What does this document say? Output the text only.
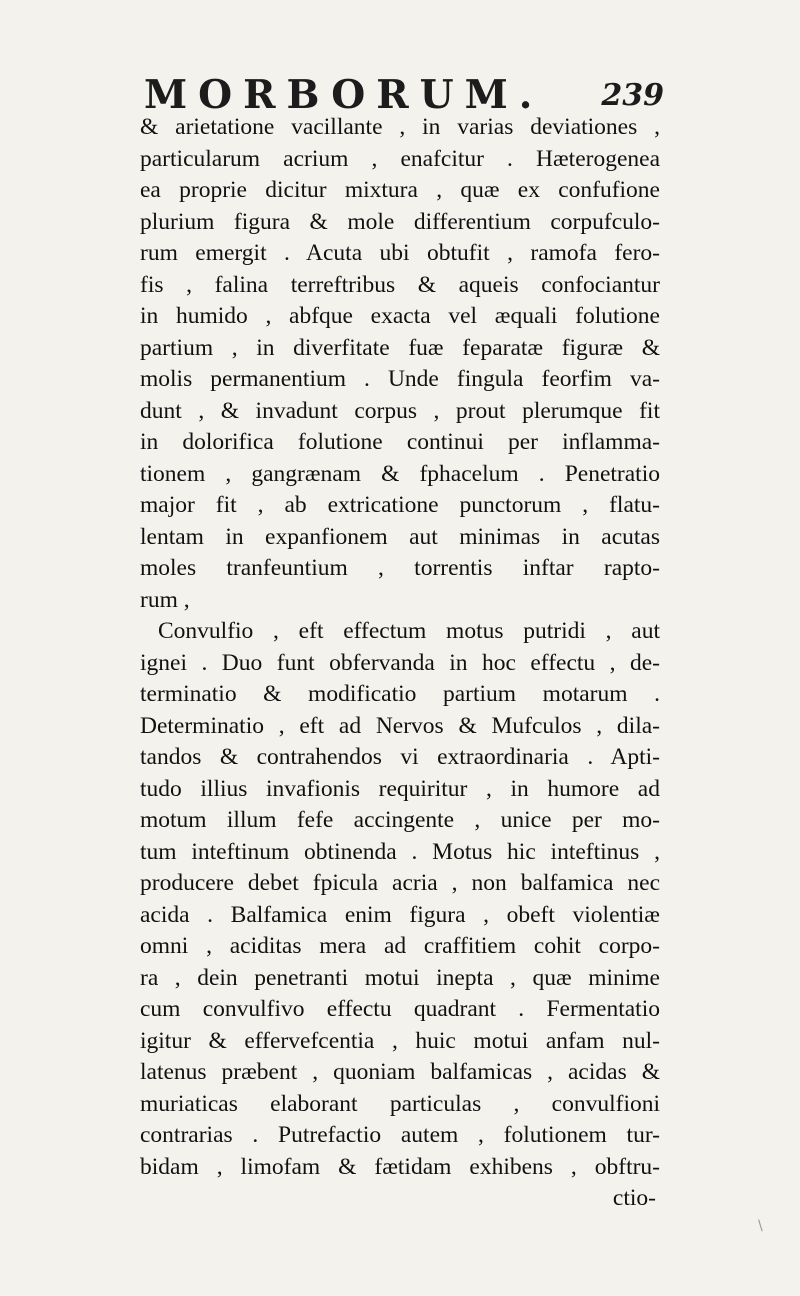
MORBORUM. 239
& arietatione vacillante , in varias deviationes ,
particularum acrium , enafcitur . Hæterogenea
ea proprie dicitur mixtura , quæ ex confufione
plurium figura & mole differentium corpufculo-
rum emergit . Acuta ubi obtufit , ramofa fero-
fis , falina terreftribus & aqueis confociantur
in humido , abfque exacta vel æquali folutione
partium , in diverfitate fuæ feparatæ figuræ &
molis permanentium . Unde fingula feorfim va-
dunt , & invadunt corpus , prout plerumque fit
in dolorifica folutione continui per inflamma-
tionem , gangrænam & fphacelum . Penetratio
major fit , ab extricatione punctorum , flatu-
lentam in expanfionem aut minimas in acutas
moles tranfeuntium , torrentis inftar rapto-
rum ,
Convulfio , eft effectum motus putridi , aut
ignei . Duo funt obfervanda in hoc effectu , de-
terminatio & modificatio partium motarum .
Determinatio , eft ad Nervos & Mufculos , dila-
tandos & contrahendos vi extraordinaria . Apti-
tudo illius invafionis requiritur , in humore ad
motum illum fefe accingente , unice per mo-
tum inteftinum obtinenda . Motus hic inteftinus ,
producere debet fpicula acria , non balfamica nec
acida . Balfamica enim figura , obeft violentiæ
omni , aciditas mera ad craffitiem cohit corpo-
ra , dein penetranti motui inepta , quæ minime
cum convulfivo effectu quadrant . Fermentatio
igitur & effervefcentia , huic motui anfam nul-
latenus præbent , quoniam balfamicas , acidas &
muriaticas elaborant particulas , convulfioni
contrarias . Putrefactio autem , folutionem tur-
bidam , limofam & fætidam exhibens , obftru-
ctio-
\
